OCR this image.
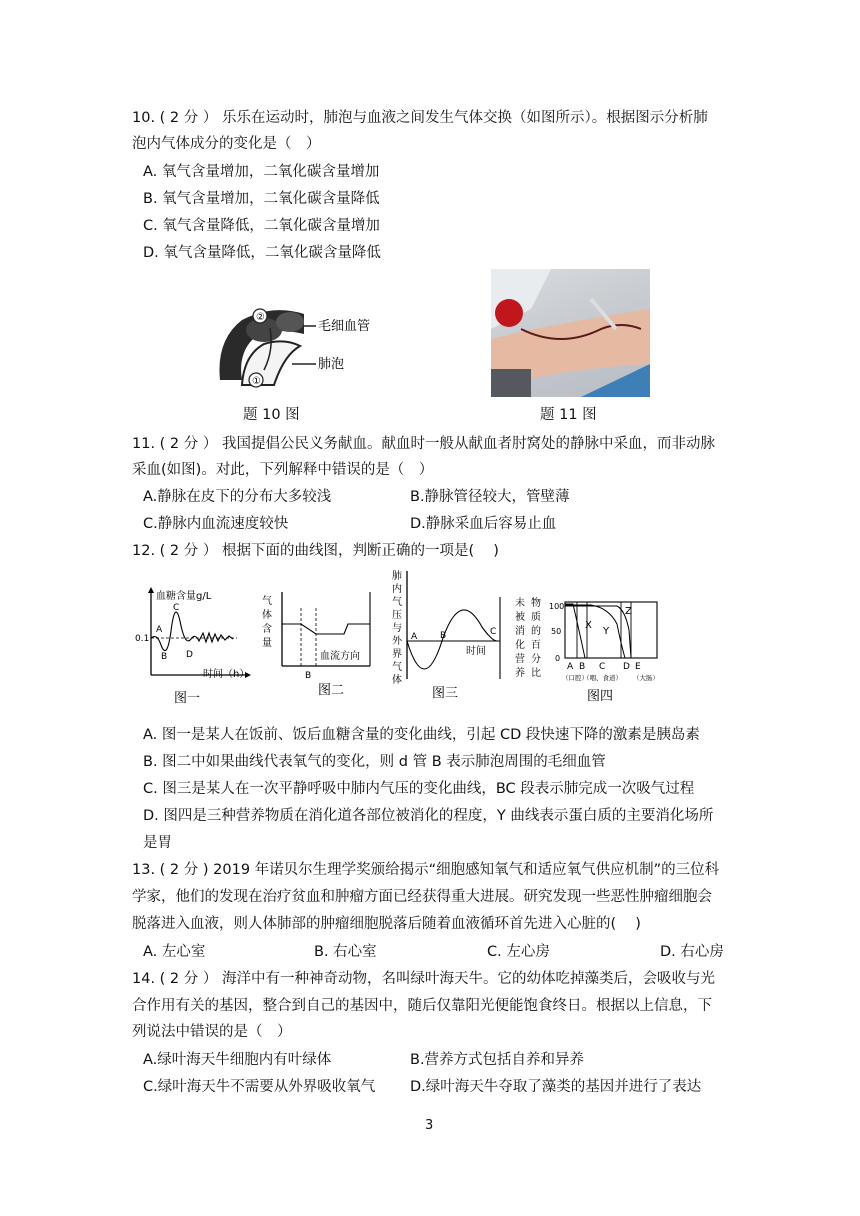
10. ( 2 分 ） 乐乐在运动时，肺泡与血液之间发生气体交换（如图所示）。根据图示分析肺
泡内气体成分的变化是（　）
A. 氧气含量增加，二氧化碳含量增加
B. 氧气含量增加，二氧化碳含量降低
C. 氧气含量降低，二氧化碳含量增加
D. 氧气含量降低，二氧化碳含量降低
②
①
毛细血管
肺泡
题 10 图	题 11 图
11. ( 2 分 ） 我国提倡公民义务献血。献血时一般从献血者肘窝处的静脉中采血，而非动脉
采血(如图)。对此，下列解释中错误的是（　）
A.静脉在皮下的分布大多较浅	B.静脉管径较大，管壁薄
C.静脉内血流速度较快	D.静脉采血后容易止血
12. ( 2 分 ） 根据下面的曲线图，判断正确的一项是(　 )
血糖含量g/L
0.1
A
B
C
D
时间（h）
图一
气
体
含
量
B
血流方向
图二
肺
内
气
压
与
外
界
气
体
A	B	C
时间
图三
未
被
消
化
营
养
物
质
的
百
分
比
100
50
0
X
Y
Z
A B C D E
（口腔）
（咽、食道） （大肠）
图四
A. 图一是某人在饭前、饭后血糖含量的变化曲线，引起 CD 段快速下降的激素是胰岛素
B. 图二中如果曲线代表氧气的变化，则 d 管 B 表示肺泡周围的毛细血管
C. 图三是某人在一次平静呼吸中肺内气压的变化曲线，BC 段表示肺完成一次吸气过程
D. 图四是三种营养物质在消化道各部位被消化的程度，Y 曲线表示蛋白质的主要消化场所
是胃
13. ( 2 分 ) 2019 年诺贝尔生理学奖颁给揭示“细胞感知氧气和适应氧气供应机制”的三位科
学家，他们的发现在治疗贫血和肿瘤方面已经获得重大进展。研究发现一些恶性肿瘤细胞会
脱落进入血液，则人体肺部的肿瘤细胞脱落后随着血液循环首先进入心脏的(　 )
A. 左心室	B. 右心室	C. 左心房	D. 右心房
14. ( 2 分 ） 海洋中有一种神奇动物，名叫绿叶海天牛。它的幼体吃掉藻类后，会吸收与光
合作用有关的基因，整合到自己的基因中，随后仅靠阳光便能饱食终日。根据以上信息，下
列说法中错误的是（　）
A.绿叶海天牛细胞内有叶绿体	B.营养方式包括自养和异养
C.绿叶海天牛不需要从外界吸收氧气 D.绿叶海天牛夺取了藻类的基因并进行了表达
3
